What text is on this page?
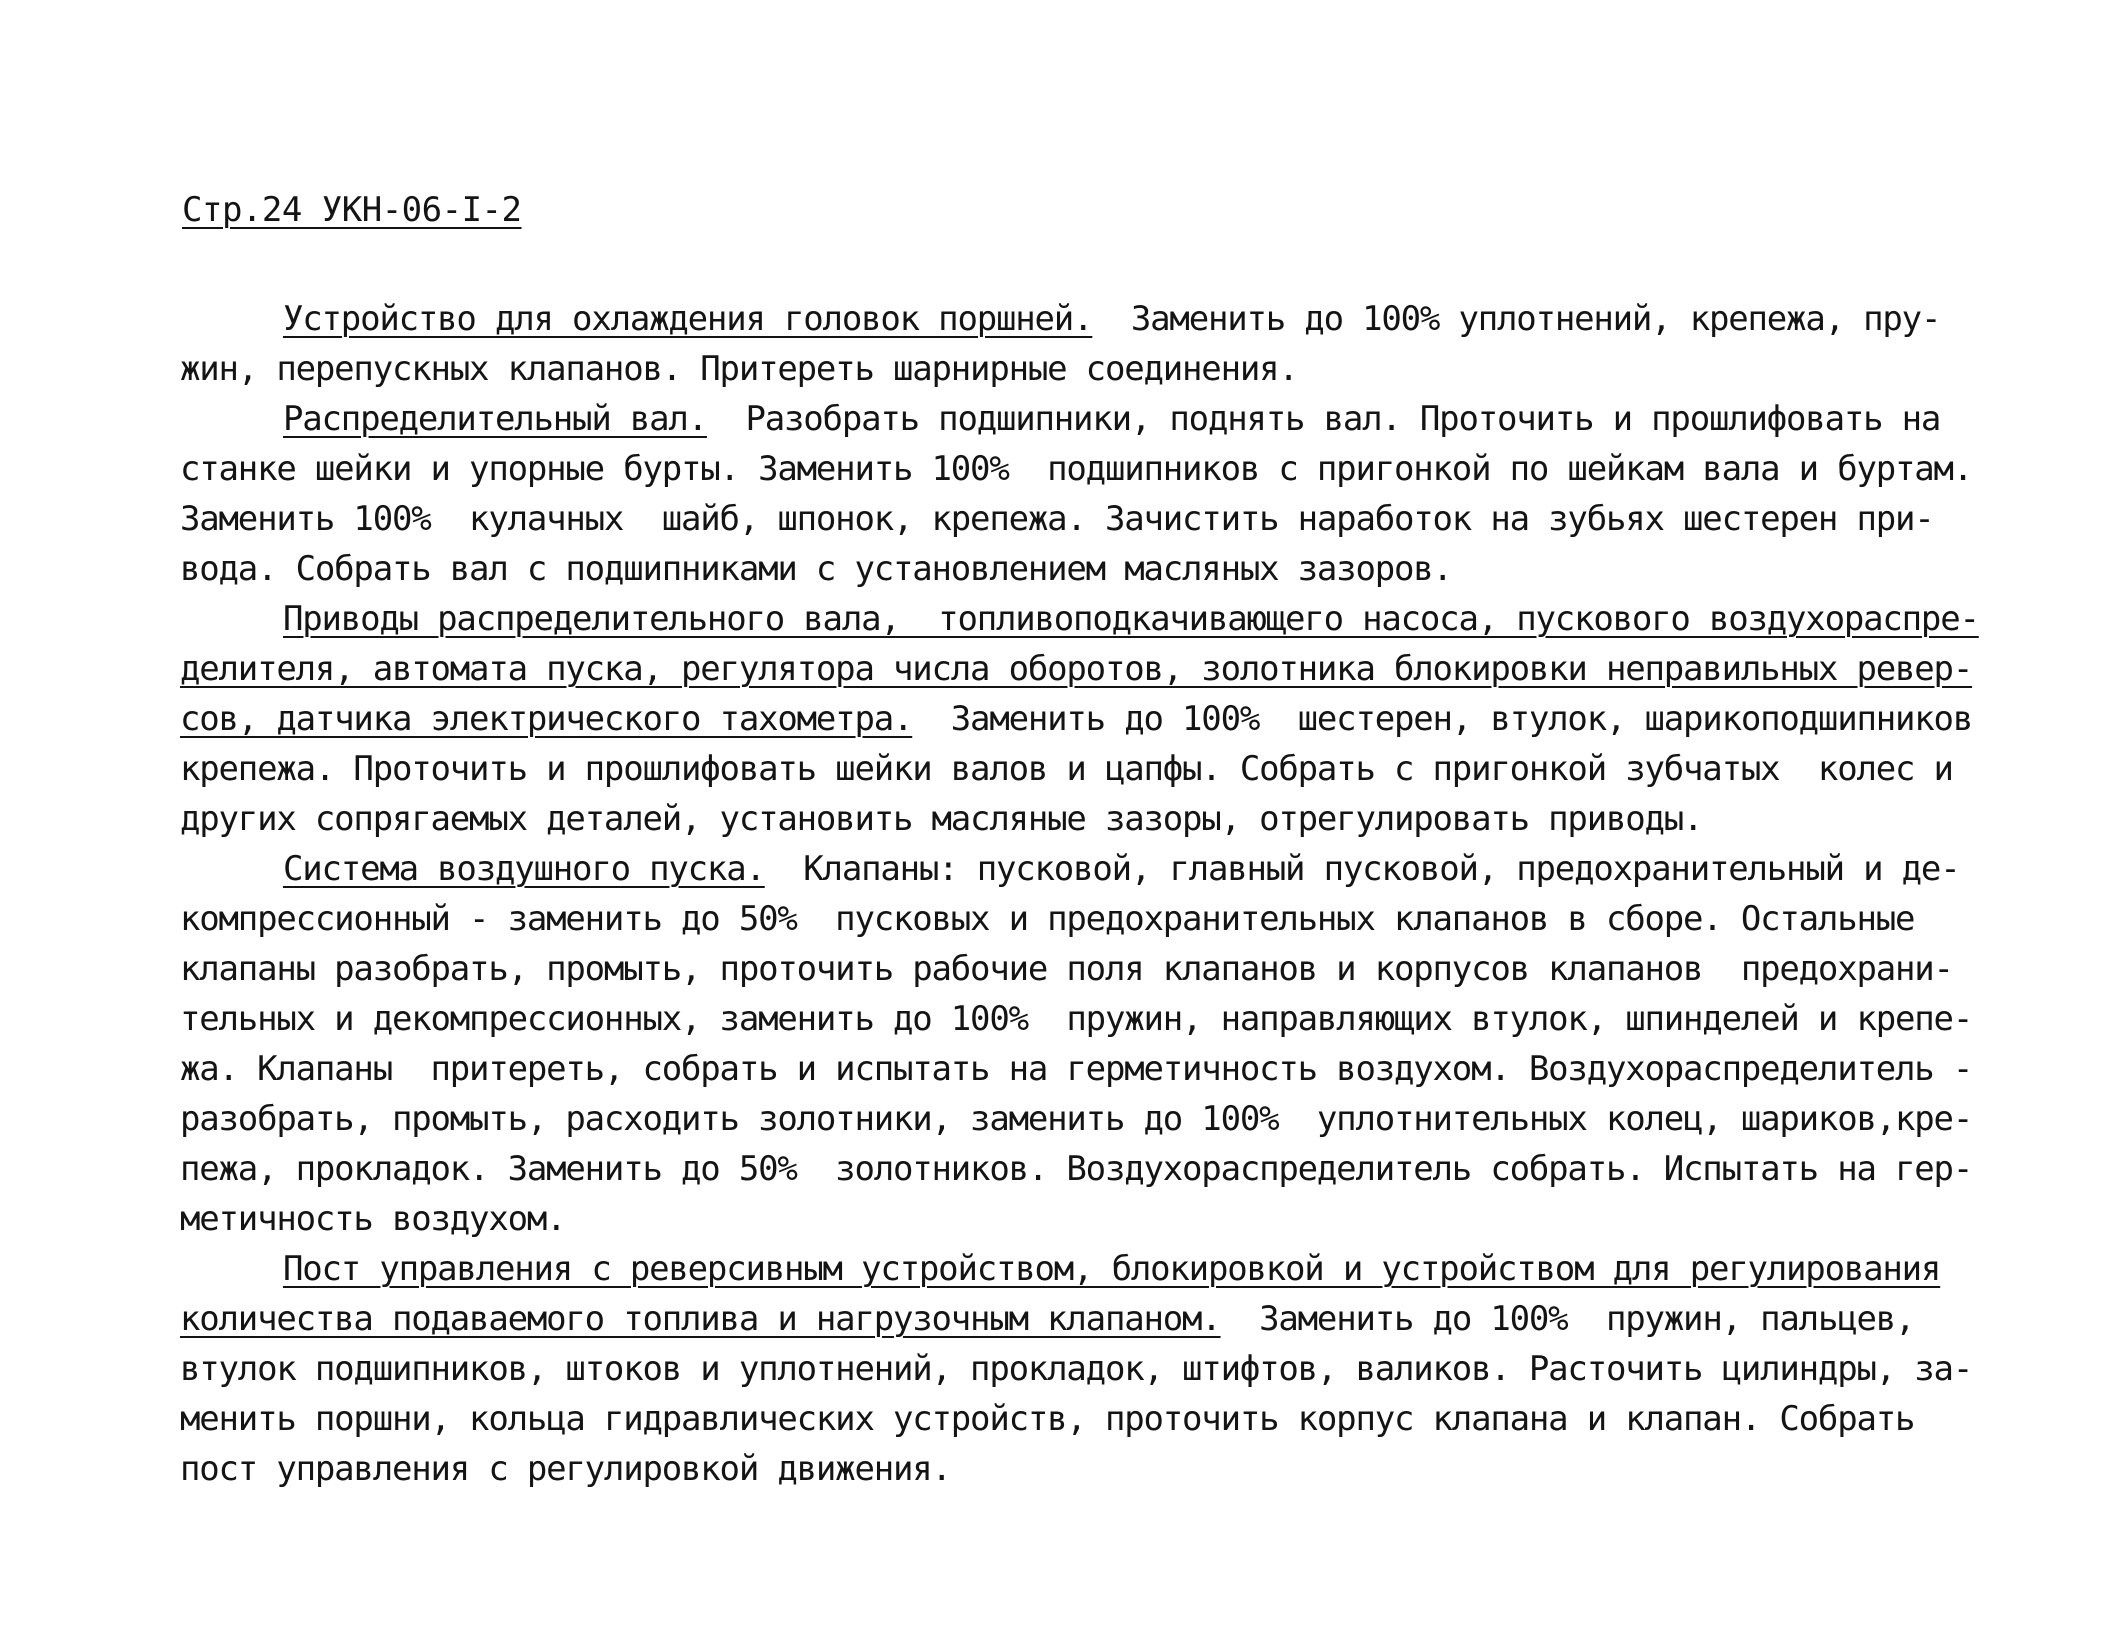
Стр.24 УКН-06-І-2
Устройство для охлаждения головок поршней.  Заменить до 100% уплотнений, крепежа, пру-
жин, перепускных клапанов. Притереть шарнирные соединения.
Распределительный вал.  Разобрать подшипники, поднять вал. Проточить и прошлифовать на
станке шейки и упорные бурты. Заменить 100%  подшипников с пригонкой по шейкам вала и буртам.
Заменить 100%  кулачных  шайб, шпонок, крепежа. Зачистить наработок на зубьях шестерен при-
вода. Собрать вал с подшипниками с установлением масляных зазоров.
Приводы распределительного вала,  топливоподкачивающего насоса, пускового воздухораспре-
делителя, автомата пуска, регулятора числа оборотов, золотника блокировки неправильных ревер-
сов, датчика электрического тахометра.  Заменить до 100%  шестерен, втулок, шарикоподшипников
крепежа. Проточить и прошлифовать шейки валов и цапфы. Собрать с пригонкой зубчатых  колес и
других сопрягаемых деталей, установить масляные зазоры, отрегулировать приводы.
Система воздушного пуска.  Клапаны: пусковой, главный пусковой, предохранительный и де-
компрессионный - заменить до 50%  пусковых и предохранительных клапанов в сборе. Остальные
клапаны разобрать, промыть, проточить рабочие поля клапанов и корпусов клапанов  предохрани-
тельных и декомпрессионных, заменить до 100%  пружин, направляющих втулок, шпинделей и крепе-
жа. Клапаны  притереть, собрать и испытать на герметичность воздухом. Воздухораспределитель -
разобрать, промыть, расходить золотники, заменить до 100%  уплотнительных колец, шариков,кре-
пежа, прокладок. Заменить до 50%  золотников. Воздухораспределитель собрать. Испытать на гер-
метичность воздухом.
Пост управления с реверсивным устройством, блокировкой и устройством для регулирования
количества подаваемого топлива и нагрузочным клапаном.  Заменить до 100%  пружин, пальцев,
втулок подшипников, штоков и уплотнений, прокладок, штифтов, валиков. Расточить цилиндры, за-
менить поршни, кольца гидравлических устройств, проточить корпус клапана и клапан. Собрать
пост управления с регулировкой движения.
